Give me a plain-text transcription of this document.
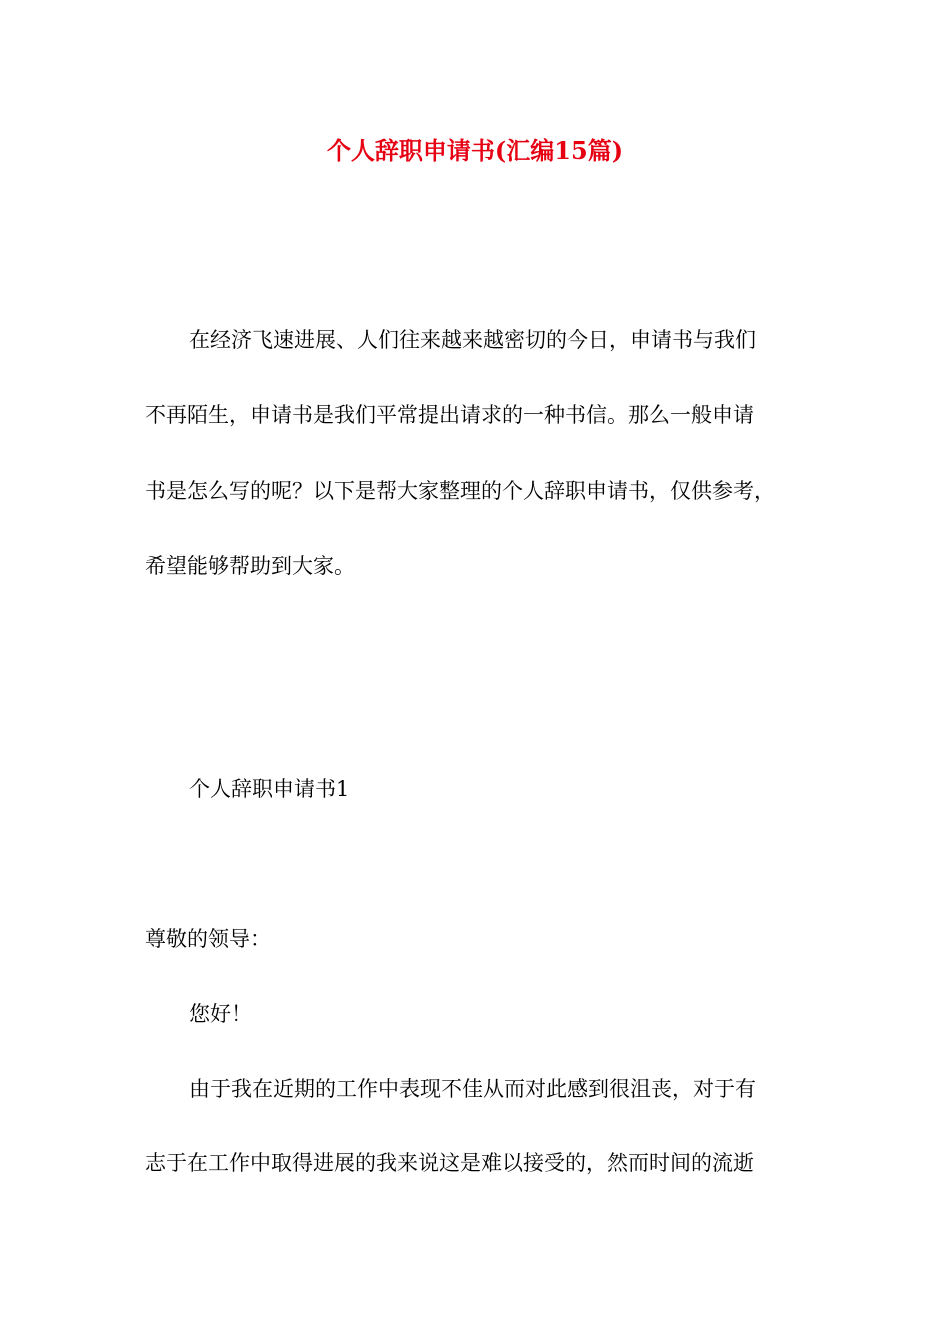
个人辞职申请书(汇编15篇)

在经济飞速进展、人们往来越来越密切的今日，申请书与我们

不再陌生，申请书是我们平常提出请求的一种书信。那么一般申请

书是怎么写的呢？以下是帮大家整理的个人辞职申请书，仅供参考，

希望能够帮助到大家。

个人辞职申请书1

尊敬的领导：

您好！

由于我在近期的工作中表现不佳从而对此感到很沮丧，对于有

志于在工作中取得进展的我来说这是难以接受的，然而时间的流逝
